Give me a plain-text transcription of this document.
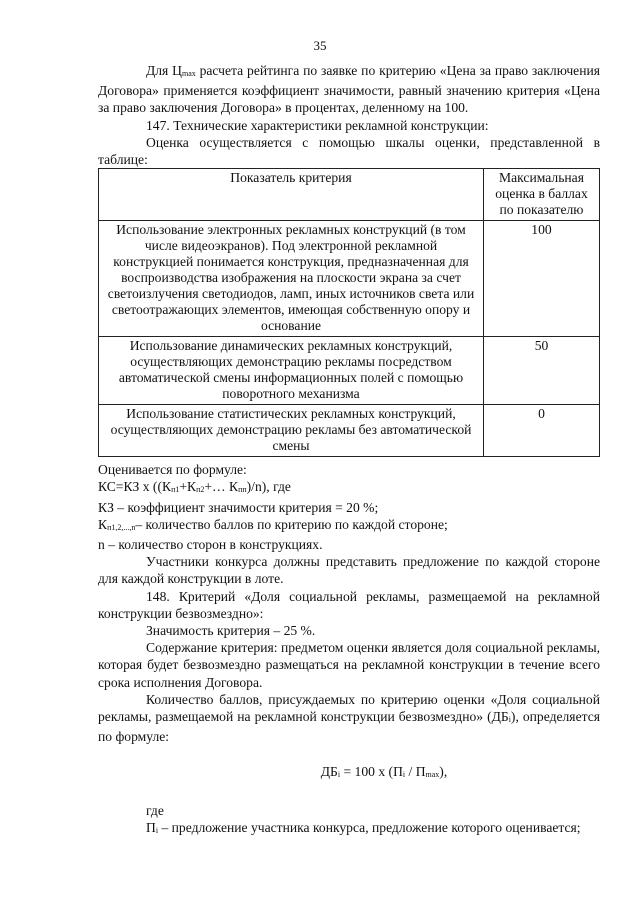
35

Для $Ц_{max}$ расчета рейтинга по заявке по критерию «Цена за право заключения Договора» применяется коэффициент значимости, равный значению критерия «Цена за право заключения Договора» в процентах, деленному на 100.

147. Технические характеристики рекламной конструкции:

Оценка осуществляется с помощью шкалы оценки, представленной в таблице:

Показатель критерия	Максимальная оценка в баллах по показателю
Использование электронных рекламных конструкций (в том числе видеоэкранов). Под электронной рекламной конструкцией понимается конструкция, предназначенная для воспроизводства изображения на плоскости экрана за счет светоизлучения светодиодов, ламп, иных источников света или светоотражающих элементов, имеющая собственную опору и основание	100
Использование динамических рекламных конструкций, осуществляющих демонстрацию рекламы посредством автоматической смены информационных полей с помощью поворотного механизма	50
Использование статистических рекламных конструкций, осуществляющих демонстрацию рекламы без автоматической смены	0

Оценивается по формуле:

КС=КЗ х (($К_{п1}+К_{п2}+\dots$ $К_{пп})/n$), где

КЗ – коэффициент значимости критерия = 20 %;

$К_{п1,2,...,n}-$ количество баллов по критерию по каждой стороне;

n – количество сторон в конструкциях.

Участники конкурса должны представить предложение по каждой стороне для каждой конструкции в лоте.

148. Критерий «Доля социальной рекламы, размещаемой на рекламной конструкции безвозмездно»:

Значимость критерия – 25 %.

Содержание критерия: предметом оценки является доля социальной рекламы, которая будет безвозмездно размещаться на рекламной конструкции в течение всего срока исполнения Договора.

Количество баллов, присуждаемых по критерию оценки «Доля социальной рекламы, размещаемой на рекламной конструкции безвозмездно» $(ДБ_i)$, определяется по формуле:

$ДБ_i = 100$ х $(П_i / П_{max})$,

где

$П_i$ – предложение участника конкурса, предложение которого оценивается;
